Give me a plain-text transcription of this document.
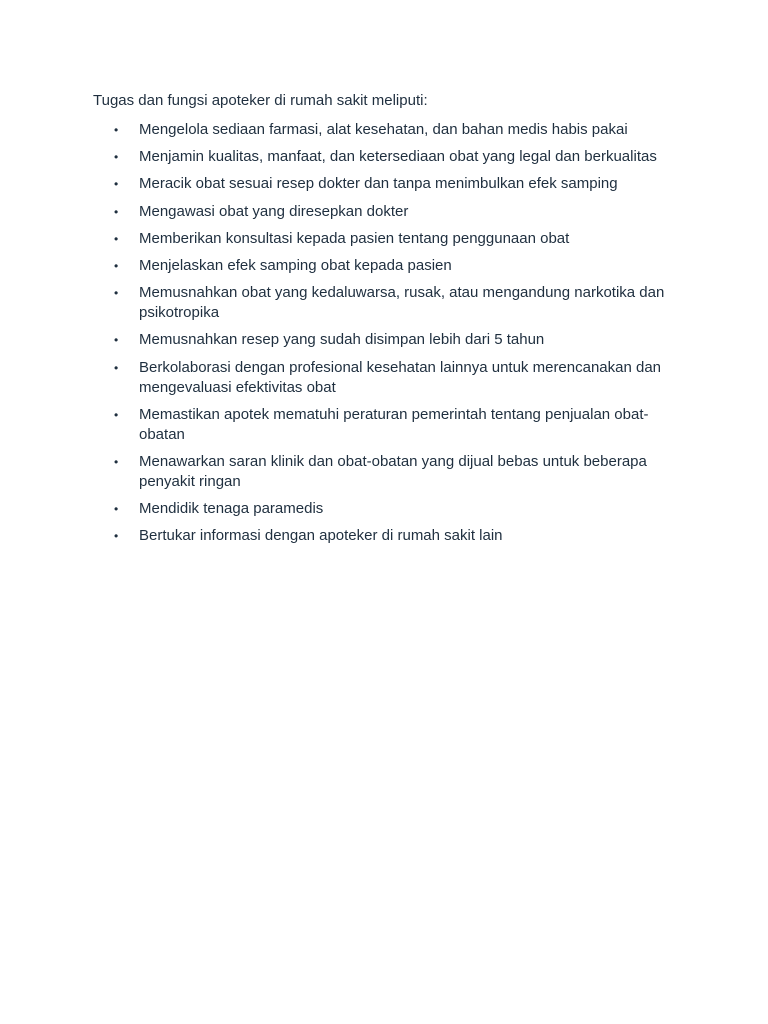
Tugas dan fungsi apoteker di rumah sakit meliputi:

• Mengelola sediaan farmasi, alat kesehatan, dan bahan medis habis pakai
• Menjamin kualitas, manfaat, dan ketersediaan obat yang legal dan berkualitas
• Meracik obat sesuai resep dokter dan tanpa menimbulkan efek samping
• Mengawasi obat yang diresepkan dokter
• Memberikan konsultasi kepada pasien tentang penggunaan obat
• Menjelaskan efek samping obat kepada pasien
• Memusnahkan obat yang kedaluwarsa, rusak, atau mengandung narkotika dan psikotropika
• Memusnahkan resep yang sudah disimpan lebih dari 5 tahun
• Berkolaborasi dengan profesional kesehatan lainnya untuk merencanakan dan mengevaluasi efektivitas obat
• Memastikan apotek mematuhi peraturan pemerintah tentang penjualan obat-obatan
• Menawarkan saran klinik dan obat-obatan yang dijual bebas untuk beberapa penyakit ringan
• Mendidik tenaga paramedis
• Bertukar informasi dengan apoteker di rumah sakit lain
